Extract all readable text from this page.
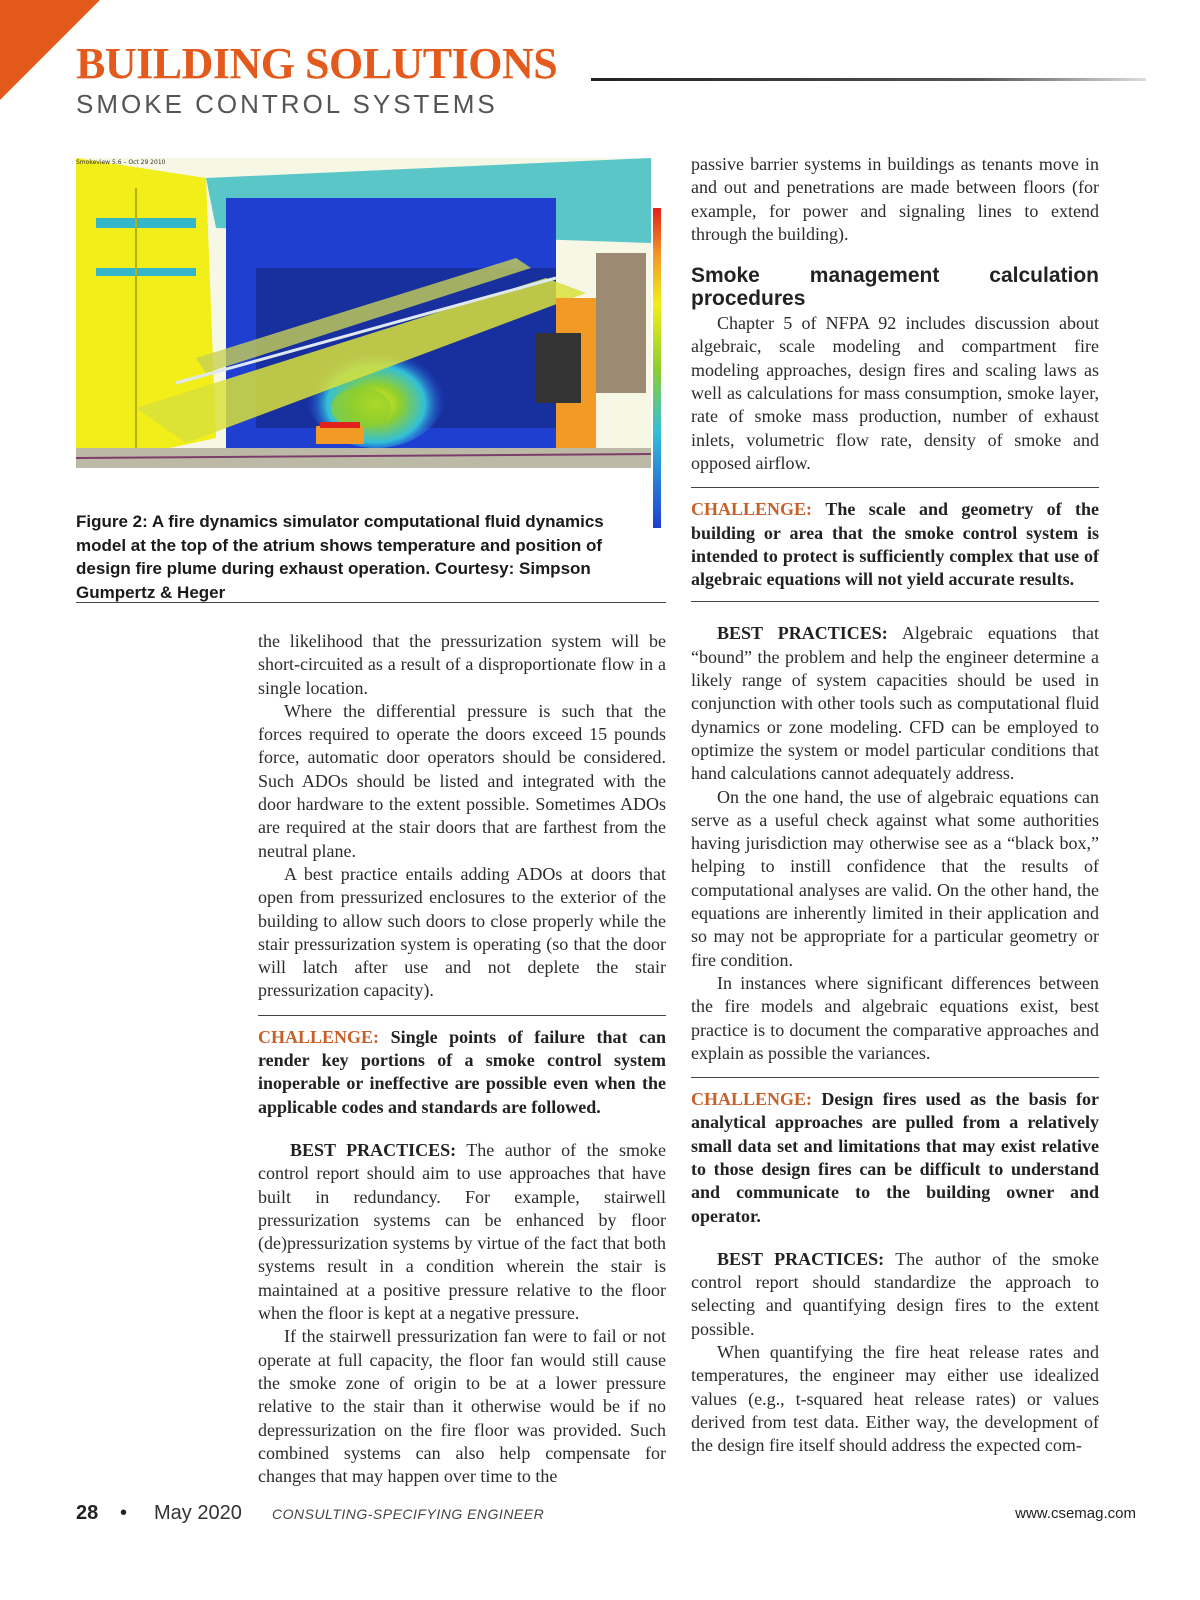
BUILDING SOLUTIONS
SMOKE CONTROL SYSTEMS
Smokeview 5.6 – Oct 29 2010
Figure 2: A fire dynamics simulator computational fluid dynamics model at the top of the atrium shows temperature and position of design fire plume during exhaust operation. Courtesy: Simpson Gumpertz & Heger

the likelihood that the pressurization system will be short-circuited as a result of a disproportionate flow in a single location.

Where the differential pressure is such that the forces required to operate the doors exceed 15 pounds force, automatic door operators should be considered. Such ADOs should be listed and integrated with the door hardware to the extent possible. Sometimes ADOs are required at the stair doors that are farthest from the neutral plane.

A best practice entails adding ADOs at doors that open from pressurized enclosures to the exterior of the building to allow such doors to close properly while the stair pressurization system is operating (so that the door will latch after use and not deplete the stair pressurization capacity).

CHALLENGE: Single points of failure that can render key portions of a smoke control system inoperable or ineffective are possible even when the applicable codes and standards are followed.

BEST PRACTICES: The author of the smoke control report should aim to use approaches that have built in redundancy. For example, stairwell pressurization systems can be enhanced by floor (de)pressurization systems by virtue of the fact that both systems result in a condition wherein the stair is maintained at a positive pressure relative to the floor when the floor is kept at a negative pressure.

If the stairwell pressurization fan were to fail or not operate at full capacity, the floor fan would still cause the smoke zone of origin to be at a lower pressure relative to the stair than it otherwise would be if no depressurization on the fire floor was provided. Such combined systems can also help compensate for changes that may happen over time to the

passive barrier systems in buildings as tenants move in and out and penetrations are made between floors (for example, for power and signaling lines to extend through the building).

Smoke management calculation procedures

Chapter 5 of NFPA 92 includes discussion about algebraic, scale modeling and compartment fire modeling approaches, design fires and scaling laws as well as calculations for mass consumption, smoke layer, rate of smoke mass production, number of exhaust inlets, volumetric flow rate, density of smoke and opposed airflow.

CHALLENGE: The scale and geometry of the building or area that the smoke control system is intended to protect is sufficiently complex that use of algebraic equations will not yield accurate results.

BEST PRACTICES: Algebraic equations that “bound” the problem and help the engineer determine a likely range of system capacities should be used in conjunction with other tools such as computational fluid dynamics or zone modeling. CFD can be employed to optimize the system or model particular conditions that hand calculations cannot adequately address.

On the one hand, the use of algebraic equations can serve as a useful check against what some authorities having jurisdiction may otherwise see as a “black box,” helping to instill confidence that the results of computational analyses are valid. On the other hand, the equations are inherently limited in their application and so may not be appropriate for a particular geometry or fire condition.

In instances where significant differences between the fire models and algebraic equations exist, best practice is to document the comparative approaches and explain as possible the variances.

CHALLENGE: Design fires used as the basis for analytical approaches are pulled from a relatively small data set and limitations that may exist relative to those design fires can be difficult to understand and communicate to the building owner and operator.

BEST PRACTICES: The author of the smoke control report should standardize the approach to selecting and quantifying design fires to the extent possible.

When quantifying the fire heat release rates and temperatures, the engineer may either use idealized values (e.g., t-squared heat release rates) or values derived from test data. Either way, the development of the design fire itself should address the expected com-

28 • May 2020 CONSULTING-SPECIFYING ENGINEER	www.csemag.com
